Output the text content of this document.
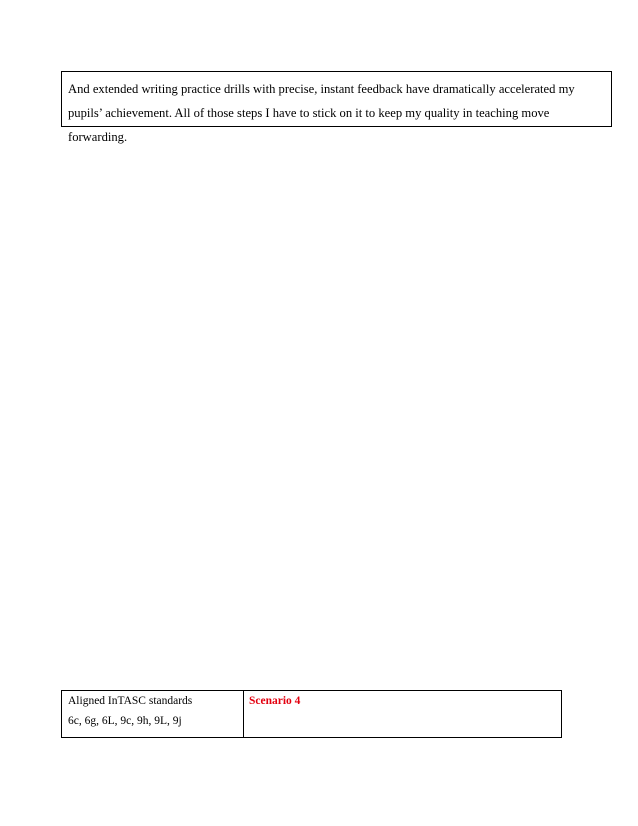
And extended writing practice drills with precise, instant feedback have dramatically accelerated my pupils’ achievement. All of those steps I have to stick on it to keep my quality in teaching move forwarding.

Aligned InTASC standards
6c, 6g, 6L, 9c, 9h, 9L, 9j
Scenario 4
